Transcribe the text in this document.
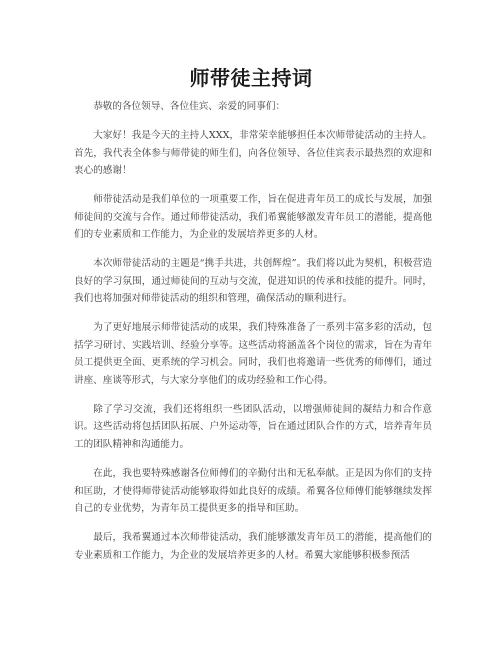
师带徒主持词

恭敬的各位领导、各位佳宾、亲爱的同事们：

大家好！我是今天的主持人XXX，非常荣幸能够担任本次师带徒活动的主持人。首先，我代表全体参与师带徒的师生们，向各位领导、各位佳宾表示最热烈的欢迎和衷心的感谢！

师带徒活动是我们单位的一项重要工作，旨在促进青年员工的成长与发展，加强师徒间的交流与合作。通过师带徒活动，我们希翼能够激发青年员工的潜能，提高他们的专业素质和工作能力，为企业的发展培养更多的人材。

本次师带徒活动的主题是“携手共进，共创辉煌”。我们将以此为契机，积极营造良好的学习氛围，通过师徒间的互动与交流，促进知识的传承和技能的提升。同时，我们也将加强对师带徒活动的组织和管理，确保活动的顺利进行。

为了更好地展示师带徒活动的成果，我们特殊准备了一系列丰富多彩的活动，包括学习研讨、实践培训、经验分享等。这些活动将涵盖各个岗位的需求，旨在为青年员工提供更全面、更系统的学习机会。同时，我们也将邀请一些优秀的师傅们，通过讲座、座谈等形式，与大家分享他们的成功经验和工作心得。

除了学习交流，我们还将组织一些团队活动，以增强师徒间的凝结力和合作意识。这些活动将包括团队拓展、户外运动等，旨在通过团队合作的方式，培养青年员工的团队精神和沟通能力。

在此，我也要特殊感谢各位师傅们的辛勤付出和无私奉献。正是因为你们的支持和匡助，才使得师带徒活动能够取得如此良好的成绩。希翼各位师傅们能够继续发挥自己的专业优势，为青年员工提供更多的指导和匡助。

最后，我希翼通过本次师带徒活动，我们能够激发青年员工的潜能，提高他们的专业素质和工作能力，为企业的发展培养更多的人材。希翼大家能够积极参预活
